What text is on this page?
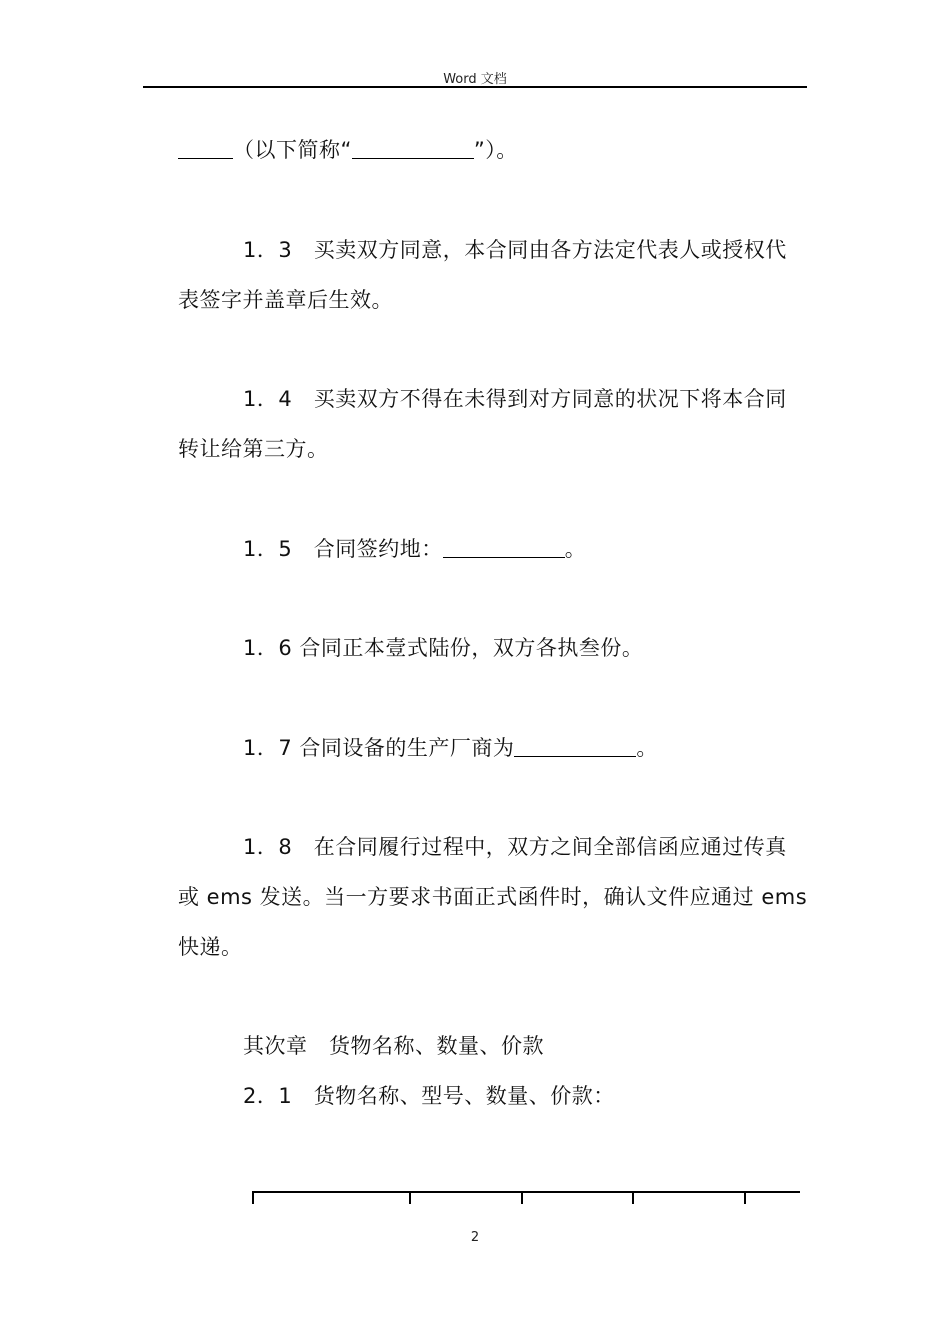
Word 文档
（以下简称“	”）。
1．3　买卖双方同意，本合同由各方法定代表人或授权代
表签字并盖章后生效。
1．4　买卖双方不得在未得到对方同意的状况下将本合同
转让给第三方。
1．5　合同签约地：	。
1．6 合同正本壹式陆份，双方各执叁份。
1．7 合同设备的生产厂商为	。
1．8　在合同履行过程中，双方之间全部信函应通过传真
或 ems 发送。当一方要求书面正式函件时，确认文件应通过 ems
快递。
其次章　货物名称、数量、价款
2．1　货物名称、型号、数量、价款：
2
